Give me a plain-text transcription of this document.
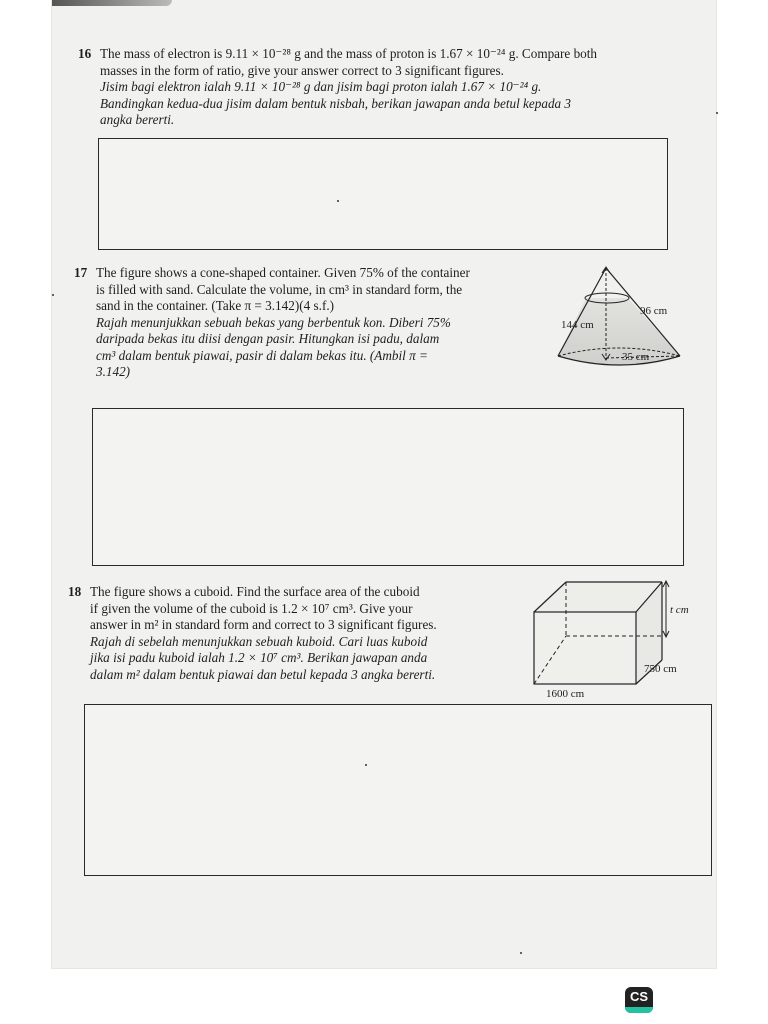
16 The mass of electron is 9.11 × 10⁻²⁸ g and the mass of proton is 1.67 × 10⁻²⁴ g. Compare both

masses in the form of ratio, give your answer correct to 3 significant figures.

Jisim bagi elektron ialah 9.11 × 10⁻²⁸ g dan jisim bagi proton ialah 1.67 × 10⁻²⁴ g.

Bandingkan kedua-dua jisim dalam bentuk nisbah, berikan jawapan anda betul kepada 3

angka bererti.

17 The figure shows a cone-shaped container. Given 75% of the container

is filled with sand. Calculate the volume, in cm³ in standard form, the

sand in the container. (Take π = 3.142)(4 s.f.)

Rajah menunjukkan sebuah bekas yang berbentuk kon. Diberi 75%

daripada bekas itu diisi dengan pasir. Hitungkan isi padu, dalam

cm³ dalam bentuk piawai, pasir di dalam bekas itu. (Ambil π =

3.142)

96 cm
144 cm
35 cm
18 The figure shows a cuboid. Find the surface area of the cuboid

if given the volume of the cuboid is 1.2 × 10⁷ cm³. Give your

answer in m² in standard form and correct to 3 significant figures.

Rajah di sebelah menunjukkan sebuah kuboid. Cari luas kuboid

jika isi padu kuboid ialah 1.2 × 10⁷ cm³. Berikan jawapan anda

dalam m² dalam bentuk piawai dan betul kepada 3 angka bererti.

t cm
750 cm
1600 cm
CS
